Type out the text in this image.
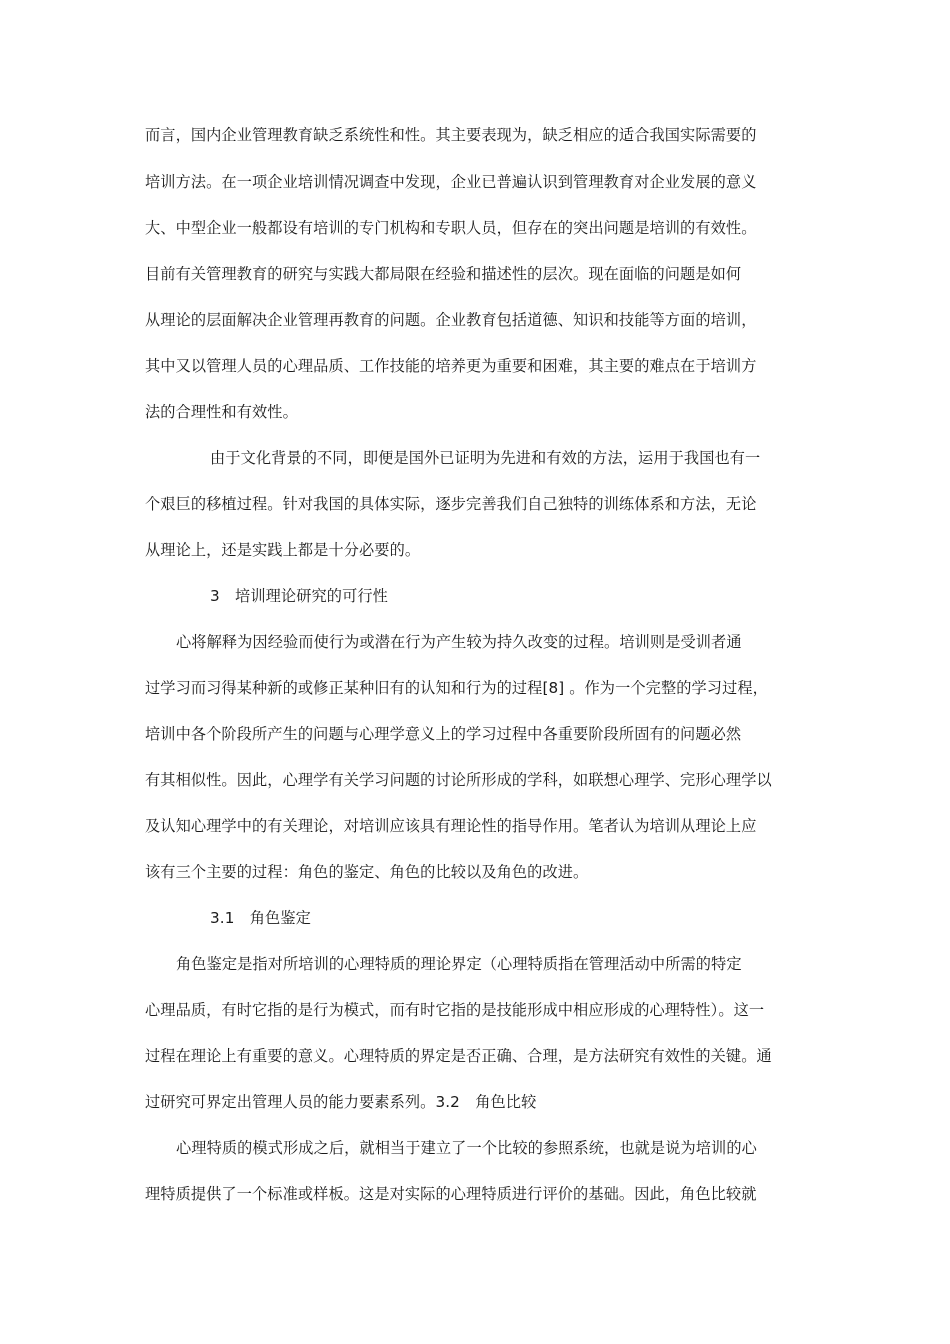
而言，国内企业管理教育缺乏系统性和性。其主要表现为，缺乏相应的适合我国实际需要的
培训方法。在一项企业培训情况调查中发现，企业已普遍认识到管理教育对企业发展的意义
大、中型企业一般都设有培训的专门机构和专职人员，但存在的突出问题是培训的有效性。
目前有关管理教育的研究与实践大都局限在经验和描述性的层次。现在面临的问题是如何
从理论的层面解决企业管理再教育的问题。企业教育包括道德、知识和技能等方面的培训，
其中又以管理人员的心理品质、工作技能的培养更为重要和困难，其主要的难点在于培训方
法的合理性和有效性。
由于文化背景的不同，即便是国外已证明为先进和有效的方法，运用于我国也有一
个艰巨的移植过程。针对我国的具体实际，逐步完善我们自己独特的训练体系和方法，无论
从理论上，还是实践上都是十分必要的。
3　培训理论研究的可行性
心将解释为因经验而使行为或潜在行为产生较为持久改变的过程。培训则是受训者通
过学习而习得某种新的或修正某种旧有的认知和行为的过程[8] 。作为一个完整的学习过程，
培训中各个阶段所产生的问题与心理学意义上的学习过程中各重要阶段所固有的问题必然
有其相似性。因此，心理学有关学习问题的讨论所形成的学科，如联想心理学、完形心理学以
及认知心理学中的有关理论，对培训应该具有理论性的指导作用。笔者认为培训从理论上应
该有三个主要的过程：角色的鉴定、角色的比较以及角色的改进。
3.1　角色鉴定
角色鉴定是指对所培训的心理特质的理论界定（心理特质指在管理活动中所需的特定
心理品质，有时它指的是行为模式，而有时它指的是技能形成中相应形成的心理特性）。这一
过程在理论上有重要的意义。心理特质的界定是否正确、合理，是方法研究有效性的关键。通
过研究可界定出管理人员的能力要素系列。3.2　角色比较
心理特质的模式形成之后，就相当于建立了一个比较的参照系统，也就是说为培训的心
理特质提供了一个标准或样板。这是对实际的心理特质进行评价的基础。因此，角色比较就
